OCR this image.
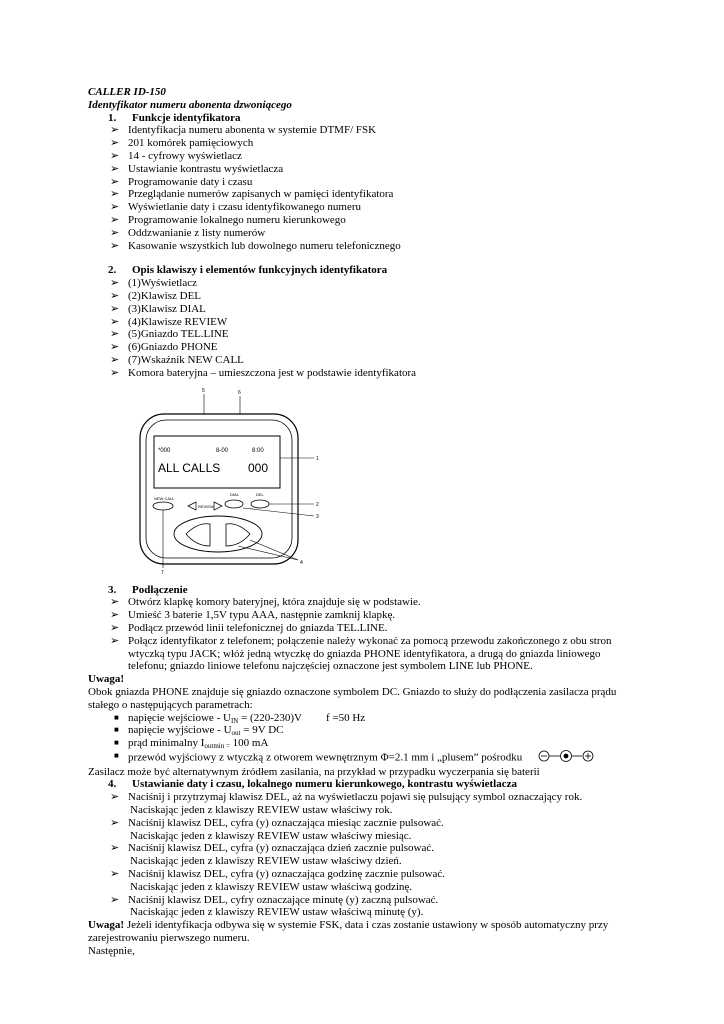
CALLER ID-150
Identyfikator numeru abonenta dzwoniącego
1. Funkcje identyfikatora
➢ Identyfikacja numeru abonenta w systemie DTMF/ FSK
➢ 201 komórek pamięciowych
➢ 14 - cyfrowy wyświetlacz
➢ Ustawianie kontrastu wyświetlacza
➢ Programowanie daty i czasu
➢ Przeglądanie numerów zapisanych w pamięci identyfikatora
➢ Wyświetlanie daty i czasu identyfikowanego numeru
➢ Programowanie lokalnego numeru kierunkowego
➢ Oddzwanianie z listy numerów
➢ Kasowanie wszystkich lub dowolnego numeru telefonicznego
2. Opis klawiszy i elementów funkcyjnych identyfikatora
➢ (1)Wyświetlacz
➢ (2)Klawisz DEL
➢ (3)Klawisz DIAL
➢ (4)Klawisze REVIEW
➢ (5)Gniazdo TEL.LINE
➢ (6)Gniazdo PHONE
➢ (7)Wskaźnik NEW CALL
➢ Komora bateryjna – umieszczona jest w podstawie identyfikatora
5	6
*000	8-00	8:00
ALL CALLS 000
1
NEW CALL
DIAL	DEL
2
3
REVIEW
4
7
3. Podłączenie
➢ Otwórz klapkę komory bateryjnej, która znajduje się w podstawie.
➢ Umieść 3 baterie 1,5V typu AAA, następnie zamknij klapkę.
➢ Podłącz przewód linii telefonicznej do gniazda TEL.LINE.
➢ Połącz identyfikator z telefonem; połączenie należy wykonać za pomocą przewodu zakończonego z obu stron
wtyczką typu JACK; włóż jedną wtyczkę do gniazda PHONE identyfikatora, a drugą do gniazda liniowego
telefonu; gniazdo liniowe telefonu najczęściej oznaczone jest symbolem LINE lub PHONE.
Uwaga!
Obok gniazda PHONE znajduje się gniazdo oznaczone symbolem DC. Gniazdo to służy do podłączenia zasilacza prądu
stałego o następujących parametrach:
■ napięcie wejściowe - $U_{IN} = (220-230)V$ f =50 Hz
■ napięcie wyjściowe - $U_{out} = 9V$ DC
■ prąd minimalny $I_{outmin =}$ 100 mA
■ przewód wyjściowy z wtyczką z otworem wewnętrznym Φ=2.1 mm i „plusem” pośrodku
Zasilacz może być alternatywnym źródłem zasilania, na przykład w przypadku wyczerpania się baterii
4. Ustawianie daty i czasu, lokalnego numeru kierunkowego, kontrastu wyświetlacza
➢ Naciśnij i przytrzymaj klawisz DEL, aż na wyświetlaczu pojawi się pulsujący symbol oznaczający rok.
Naciskając jeden z klawiszy REVIEW ustaw właściwy rok.
➢ Naciśnij klawisz DEL, cyfra (y) oznaczająca miesiąc zacznie pulsować.
Naciskając jeden z klawiszy REVIEW ustaw właściwy miesiąc.
➢ Naciśnij klawisz DEL, cyfra (y) oznaczająca dzień zacznie pulsować.
Naciskając jeden z klawiszy REVIEW ustaw właściwy dzień.
➢ Naciśnij klawisz DEL, cyfra (y) oznaczająca godzinę zacznie pulsować.
Naciskając jeden z klawiszy REVIEW ustaw właściwą godzinę.
➢ Naciśnij klawisz DEL, cyfry oznaczające minutę (y) zaczną pulsować.
Naciskając jeden z klawiszy REVIEW ustaw właściwą minutę (y).
Uwaga! Jeżeli identyfikacja odbywa się w systemie FSK, data i czas zostanie ustawiony w sposób automatyczny przy
zarejestrowaniu pierwszego numeru.
Następnie,
